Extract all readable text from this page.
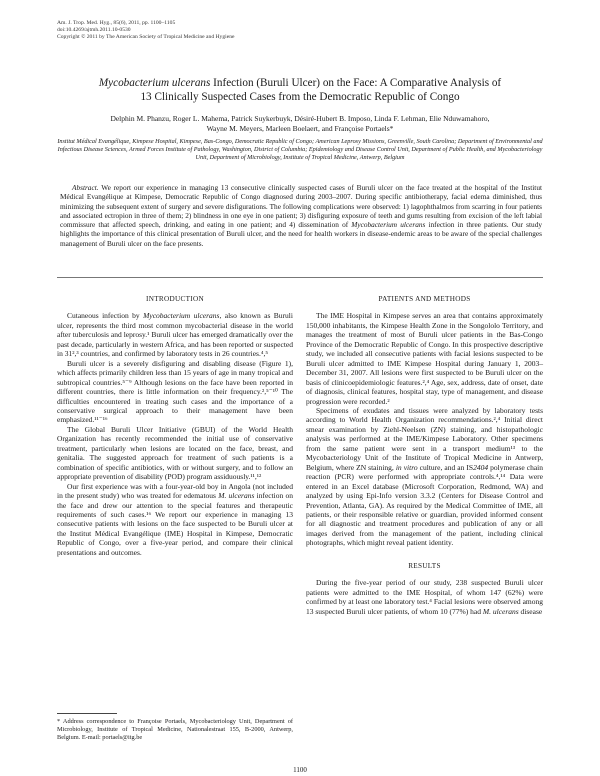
Am. J. Trop. Med. Hyg., 85(6), 2011, pp. 1100–1105
doi:10.4269/ajtmh.2011.10-0530
Copyright © 2011 by The American Society of Tropical Medicine and Hygiene
Mycobacterium ulcerans Infection (Buruli Ulcer) on the Face: A Comparative Analysis of
13 Clinically Suspected Cases from the Democratic Republic of Congo
Delphin M. Phanzu, Roger L. Mahema, Patrick Suykerbuyk, Désiré-Hubert B. Imposo, Linda F. Lehman, Elie Nduwamahoro,
Wayne M. Meyers, Marleen Boelaert, and Françoise Portaels*
Institut Médical Evangélique, Kimpese Hospital, Kimpese, Bas-Congo, Democratic Republic of Congo; American Leprosy Missions, Greenville, South Carolina; Department of Environmental and Infectious Disease Sciences, Armed Forces Institute of Pathology, Washington, District of Columbia; Epidemiology and Disease Control Unit, Department of Public Health, and Mycobacteriology Unit, Department of Microbiology, Institute of Tropical Medicine, Antwerp, Belgium
Abstract. We report our experience in managing 13 consecutive clinically suspected cases of Buruli ulcer on the face treated at the hospital of the Institut Médical Evangélique at Kimpese, Democratic Republic of Congo diagnosed during 2003–2007. During specific antibiotherapy, facial edema diminished, thus minimizing the subsequent extent of surgery and severe disfigurations. The following complications were observed: 1) lagophthalmos from scarring in four patients and associated ectropion in three of them; 2) blindness in one eye in one patient; 3) disfiguring exposure of teeth and gums resulting from excision of the left labial commissure that affected speech, drinking, and eating in one patient; and 4) dissemination of Mycobacterium ulcerans infection in three patients. Our study highlights the importance of this clinical presentation of Buruli ulcer, and the need for health workers in disease-endemic areas to be aware of the special challenges management of Buruli ulcer on the face presents.
INTRODUCTION

Cutaneous infection by Mycobacterium ulcerans, also known as Buruli ulcer, represents the third most common mycobacterial disease in the world after tuberculosis and leprosy.¹ Buruli ulcer has emerged dramatically over the past decade, particularly in western Africa, and has been reported or suspected in 31²,³ countries, and confirmed by laboratory tests in 26 countries.⁴,⁵

Buruli ulcer is a severely disfiguring and disabling disease (Figure 1), which affects primarily children less than 15 years of age in many tropical and subtropical countries.⁵⁻⁹ Although lesions on the face have been reported in different countries, there is little information on their frequency.²,⁵⁻¹⁰ The difficulties encountered in treating such cases and the importance of a conservative surgical approach to their management have been emphasized.¹¹⁻¹⁶

The Global Buruli Ulcer Initiative (GBUI) of the World Health Organization has recently recommended the initial use of conservative treatment, particularly when lesions are located on the face, breast, and genitalia. The suggested approach for treatment of such patients is a combination of specific antibiotics, with or without surgery, and to follow an appropriate prevention of disability (POD) program assiduously.¹¹,¹²

Our first experience was with a four-year-old boy in Angola (not included in the present study) who was treated for edematous M. ulcerans infection on the face and drew our attention to the special features and therapeutic requirements of such cases.¹⁶ We report our experience in managing 13 consecutive patients with lesions on the face suspected to be Buruli ulcer at the Institut Médical Evangélique (IME) Hospital in Kimpese, Democratic Republic of Congo, over a five-year period, and compare their clinical presentations and outcomes.

* Address correspondence to Françoise Portaels, Mycobacteriology Unit, Department of Microbiology, Institute of Tropical Medicine, Nationalestraat 155, B-2000, Antwerp, Belgium. E-mail: portaels@itg.be
PATIENTS AND METHODS

The IME Hospital in Kimpese serves an area that contains approximately 150,000 inhabitants, the Kimpese Health Zone in the Songololo Territory, and manages the treatment of most of Buruli ulcer patients in the Bas-Congo Province of the Democratic Republic of Congo. In this prospective descriptive study, we included all consecutive patients with facial lesions suspected to be Buruli ulcer admitted to IME Kimpese Hospital during January 1, 2003–December 31, 2007. All lesions were first suspected to be Buruli ulcer on the basis of clinicoepidemiologic features.²,⁴ Age, sex, address, date of onset, date of diagnosis, clinical features, hospital stay, type of management, and disease progression were recorded.²

Specimens of exudates and tissues were analyzed by laboratory tests according to World Health Organization recommendations.²,⁴ Initial direct smear examination by Ziehl-Neelsen (ZN) staining, and histopathologic analysis was performed at the IME/Kimpese Laboratory. Other specimens from the same patient were sent in a transport medium¹³ to the Mycobacteriology Unit of the Institute of Tropical Medicine in Antwerp, Belgium, where ZN staining, in vitro culture, and an IS2404 polymerase chain reaction (PCR) were performed with appropriate controls.⁴,¹⁴ Data were entered in an Excel database (Microsoft Corporation, Redmond, WA) and analyzed by using Epi-Info version 3.3.2 (Centers for Disease Control and Prevention, Atlanta, GA). As required by the Medical Committee of IME, all patients, or their responsible relative or guardian, provided informed consent for all diagnostic and treatment procedures and publication of any or all images derived from the management of the patient, including clinical photographs, which might reveal patient identity.

RESULTS

During the five-year period of our study, 238 suspected Buruli ulcer patients were admitted to the IME Hospital, of whom 147 (62%) were confirmed by at least one laboratory test.⁴ Facial lesions were observed among 13 suspected Buruli ulcer patients, of whom 10 (77%) had M. ulcerans disease

1100
